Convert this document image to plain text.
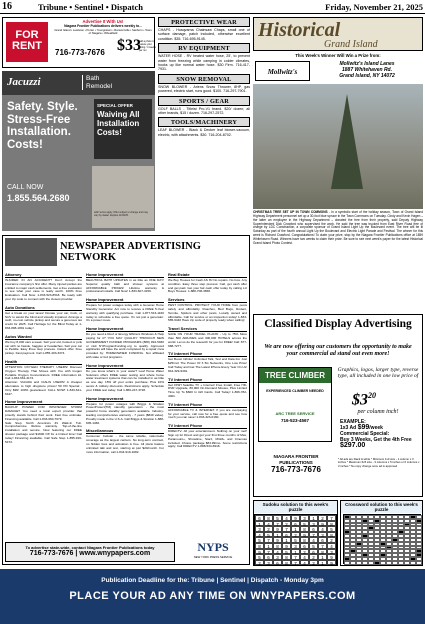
16	Tribune • Sentinel • Dispatch	Friday, November 21, 2025
FOR RENT
Advertise It With Us!
Niagara Frontier Publications delivers weekly to...
Grand Island • Lewiston • Porter • Youngstown • Ransomville • Sanborn • Town of Niagara • Wheatfield
716-773-7676 $33
add a photo to feature your listing / 4 weeks per run
Jacuzzi	Bath Remodel
Safety. Style. Stress-Free Installation. Costs!
CALL NOW
1.855.564.2680
SPECIAL OFFER
Waiving All Installation Costs!
Add'l terms apply. Offer subject to change and may vary by dealer. Expires 11/30/25.
PROTECTIVE WEAR

CHAPS - Husqvarna Chainsaw Chaps, small one of surface damage, patch included, otherwise excellent condition. $35. 716-695-9145.

RV EQUIPMENT

WATER HOSE - RV heated water hose, 25', to prevent water from freezing while camping in colder climates, hooks up like normal water hose. $30 Firm. 716-417-7931.

SNOW REMOVAL

SNOW BLOWER - Ariens Snow Thrower, 8HP, gas powered, electric start, runs good. $100. 716-297-7901.

SPORTS / GEAR

GOLF BALLS - Titleist Pro-V1 brand. $20/ dozen; all other brands, $15 / dozen. 716-297-2572.

TOOLS/MACHINERY

LEAF BLOWER - Black & Decker leaf blower-vacuum, electric, with attachments. $30. 716-204-8702.

Historical
Grand Island
This Week's Winner Will Win a Prize from:
Mollwitz's
Mollwitz's Island Lanes
1887 Whitehaven Rd.
Grand Island, NY 14072
CHRISTMAS TREE SET UP IN TOWN COMMONS - In a symbolic start of the holiday season, Town of Grand Island Highway Department personnel set up a 30-foot blue spruce in the Town Commons on Tuesday. Cindy and Kevin Hagen – the latter an employee in the Highway Department – donated the tree from their property, said Deputy Highway Superintendent Dick Crowford who supervised the work. He said the tree was trucked from East River Road free of charge by LDC Construction, a corporate sponsor of Grand Island Light Up the Boulevard event. The tree will be lit Saturday as part of the fourth annual Light Up the Boulevard and Electric Light Parade and Festival. The winner for this week is Richard Crawford. Congratulations! To claim your prize, stop by the Niagara Frontier Publications office at 1859 Whitehaven Road. Winners have two weeks to claim their prize. Be sure to see next week's paper for the latest Historical Grand Island Photo Contest.
NEWSPAPER ADVERTISING NETWORK
Attorney

INJURED IN AN ACCIDENT? Don't Accept the insurance company's first offer. Many injured parties are entitled to major cash settlements. Get a free evaluation to see what your case is really worth. 100% Free Evaluation. Call Now: 1-833-523-8518. Be ready with your zip code to connect with the closest provider.

Auto Donations

Get a break on your taxes! Donate your car, truck, or SUV to assist the blind and visually impaired. Arrange a swift, no-cost vehicle pickup and secure a generous tax credit for 2025. Call Heritage for the Blind Today at 1-833-898-1891 today!

Autos Wanted

We buy 8,000 cars a week. Sell your old, busted or junk car with no hassle, haggles or headaches. Sell your car to Peddle. Easy three step process. Instant offer. Free pickup. Fast payment. Call 1-855-403-3374.

Health

ATTENTION OXYGEN THERAPY USERS! Discover Oxygen Therapy That Moves with You with Inogen Portable Oxygen Concentrators. FREE information kit. Call 1-833-661-4172.

Attention: VIAGRA and CIALIS USERS! A cheaper alternative to high drugstore prices! 50 Pill Special - Only $99! 100% guaranteed. CALL NOW! 1-833-641-6447.

Home Improvement

BACKUP POWER FOR WHATEVER STORM DAMAGE? You need a local expert provider that proudly stands behind their work. Fast free estimate. Financing available. Call 1-833-660-7679.

Safe Step. North America's #1 Walk-In Tub. Comprehensive lifetime warranty. Top-of-the-line installation and service. Now featuring our FREE shower package and $1600 Off for a limited time! Call today! Financing available. Call Safe Step 1-855-916-5473.

Home Improvement

BEAUTIFUL BATH UPDATES in as little as ONE DAY! Superior quality bath and shower systems at AFFORDABLE PRICES! Lifetime warranty & professional installs. Call Now! 1-833-607-3150.

Home Improvement

Prepare for power outages today with a Generac Home Standby Generator. Act now to receive a FREE 5-Year warranty with qualifying purchase. Call 1-877-516-1160 today to schedule a free quote. It's not just a generator. It's a power move.

Home Improvement

Do you need a Roof or Energy Efficient Windows & Help paying for it? YOU MAY QUALIFY THROUGH NEW GOVERNMENT FUNDED PROGRAMS (888) 994-5930 or visit NYProgramFunding.org to qualify. Approved applicants will have the work completed by a repair crew provided by: HOMEOWNER FUNDING. Not affiliated with state or fed programs.

Home Improvement

Do you know what's in your water? Leaf Home Water Solutions offers FREE water testing and whole home water treatment systems that can be installed in as little as one day. 15% off your entire purchase. Plus 10% senior & military discounts. Restrictions apply. Schedule your FREE test today. Call 1-866-247-3728.

Home Improvement

Prepare for power outages with Briggs & Stratton PowerProtect(TM) standby generators - the most powerful home standby generators available. Industry-leading comprehensive warranty - 7 years ($849 value). Proudly made in the U.S.A. Call Briggs & Stratton 1-888-605-1466.

Miscellaneous

Consumer Cellular - the same reliable, nationwide coverage as the largest carriers. No long-term contract, no hidden fees and activation is free. All plans feature unlimited talk and text, starting at just $20/month. For more information, call 1-844-919-1682.

Real Estate

We Buy Houses for Cash AS IS! No repairs. No fuss. Any condition. Easy three step process: Call, get cash offer and get paid. Get your fair cash offer today by calling Liz Buys Houses: 1-888-708-3658.

Services

PEST CONTROL: PROTECT YOUR HOME from pests safely and affordably. Roaches, Bed Bugs, Rodent, Termite, Spiders and other pests. Locally owned and affordable. Call for service or an inspection today! 1-833-585-6440 Have zip code of property ready when calling!

Travel Services

SAVE ON YOUR TRAVEL PLANS! - Up to 75% More than 500 AIRLINES and 300,000 HOTELS across the world. Let us do the research for you for FREE! Call: 877-988-7277.

TV Internet Phone

Get Boost Infinite! Unlimited Talk, Text and Data For Just $25/mo! The Power Of 3 5G Networks, One Low Price! Call Today and Get The Latest iPhone Every Year On Us! 844-329-9391.

TV Internet Phone

Get DISH Satellite TV + Internet! Free Install, Free HD-DVR Upgrade, 80,000 On-Demand Movies, Plus Limited Time Up To $600 In Gift Cards. Call Today! 1-866-782-4001.

TV Internet Phone

AFFORDABLE TV & INTERNET. If you are overpaying for your service, call now for a free quote and see how much you can save! 1-833-323-0160.

TV Internet Phone

DIRECTV- All your entertainment. Nothing on your roof! Sign up for Direct and get your first three months of Max, Paramount+, Showtime, Starz, MGM+ and Cinemax included. Choice package $84.99/mo. Some restrictions apply. Call DIRECTV 1-888-534-6918.

To advertise state-wide, contact Niagara Frontier Publications today
716-773-7676 | www.wnypapers.com	NYPS
NEW YORK PRESS SERVICE
Classified Display Advertising
We are now offering our customers the opportunity to make your commercial ad stand out even more!
TREE CLIMBER
EXPERIENCED CLIMBER NEEDED
ARC TREE SERVICE
716-523-4567
Graphics, logos, larger type, reverse type, all included in one low price of
$\$3^{20}$
per column inch!
EXAMPLE:
1x3 Ad $99/week
Commercial Special:
Buy 3 Weeks, Get the 4th Free
$297.00
NIAGARA FRONTIER PUBLICATIONS
716-773-7676
* All ads are black & white * Minimum 1x3 size - 1 column x 3 inches * Maximum 6x5 size - 3 columns x 5 inches or 6 columns x 3 inches * No copy change once ad is approved
Sudoku solution to this week's puzzle
6	8	5	4	9	3	1	2	7
1	4	7	2	6	5	3	9	8
3	2	9	7	1	8	6	4	5
4	5	1	6	2	9	7	3	8
5	7	9	1	5	8	4	6	2
8	1	8	9	3	6	5	7	4
9	7	4	5	1	2	6	8	3
5	6	3	8	7	4	2	1	9
2	3	6	8	7	4	2	1	9
Crossword solution to this week's puzzle
Publication Deadline for the: Tribune | Sentinel | Dispatch - Monday 3pm
PLACE YOUR AD ANY TIME ON WNYPAPERS.COM
